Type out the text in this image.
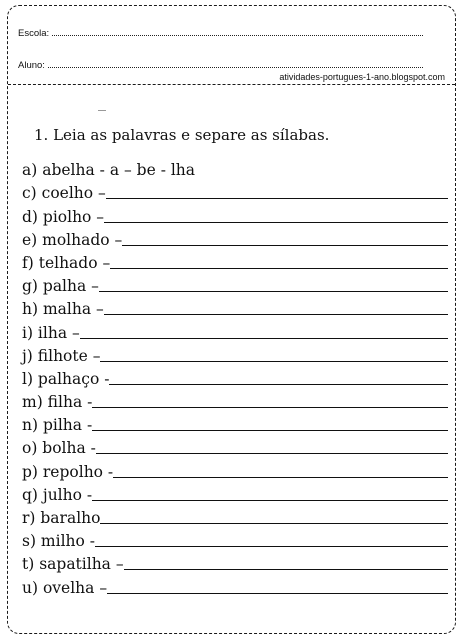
Escola:
Aluno:
atividades-portugues-1-ano.blogspot.com
1. Leia as palavras e separe as sílabas.
a) abelha - a – be - lha
c) coelho –
d) piolho –
e) molhado –
f) telhado –
g) palha –
h) malha –
i) ilha –
j) filhote –
l) palhaço -
m) filha -
n) pilha -
o) bolha -
p) repolho -
q) julho -
r) baralho
s) milho -
t) sapatilha –
u) ovelha –
